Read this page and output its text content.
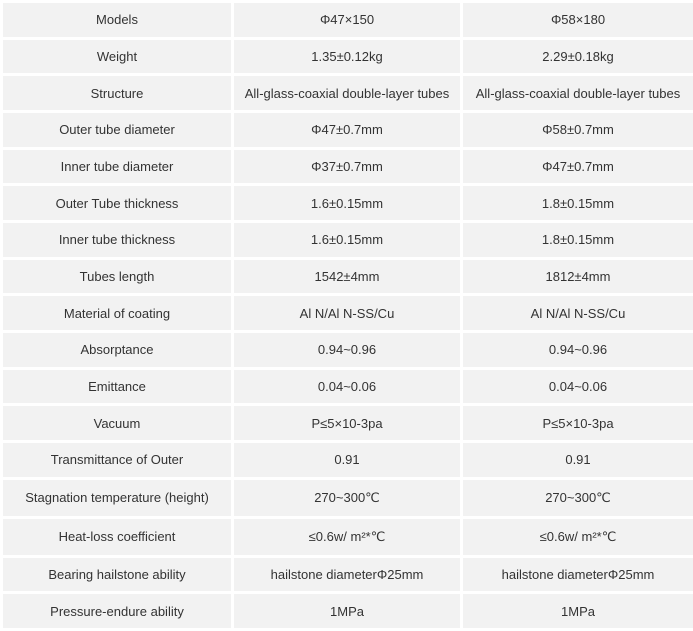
Models	Φ47×150	Φ58×180
Weight	1.35±0.12kg	2.29±0.18kg
Structure	All-glass-coaxial double-layer tubes	All-glass-coaxial double-layer tubes
Outer tube diameter	Φ47±0.7mm	Φ58±0.7mm
Inner tube diameter	Φ37±0.7mm	Φ47±0.7mm
Outer Tube thickness	1.6±0.15mm	1.8±0.15mm
Inner tube thickness	1.6±0.15mm	1.8±0.15mm
Tubes length	1542±4mm	1812±4mm
Material of coating	Al N/Al N-SS/Cu	Al N/Al N-SS/Cu
Absorptance	0.94~0.96	0.94~0.96
Emittance	0.04~0.06	0.04~0.06
Vacuum	P≤5×10-3pa	P≤5×10-3pa
Transmittance of Outer	0.91	0.91
Stagnation temperature (height)	270~300℃	270~300℃
Heat-loss coefficient	≤0.6w/ m²*℃	≤0.6w/ m²*℃
Bearing hailstone ability	hailstone diameterΦ25mm	hailstone diameterΦ25mm
Pressure-endure ability	1MPa	1MPa
